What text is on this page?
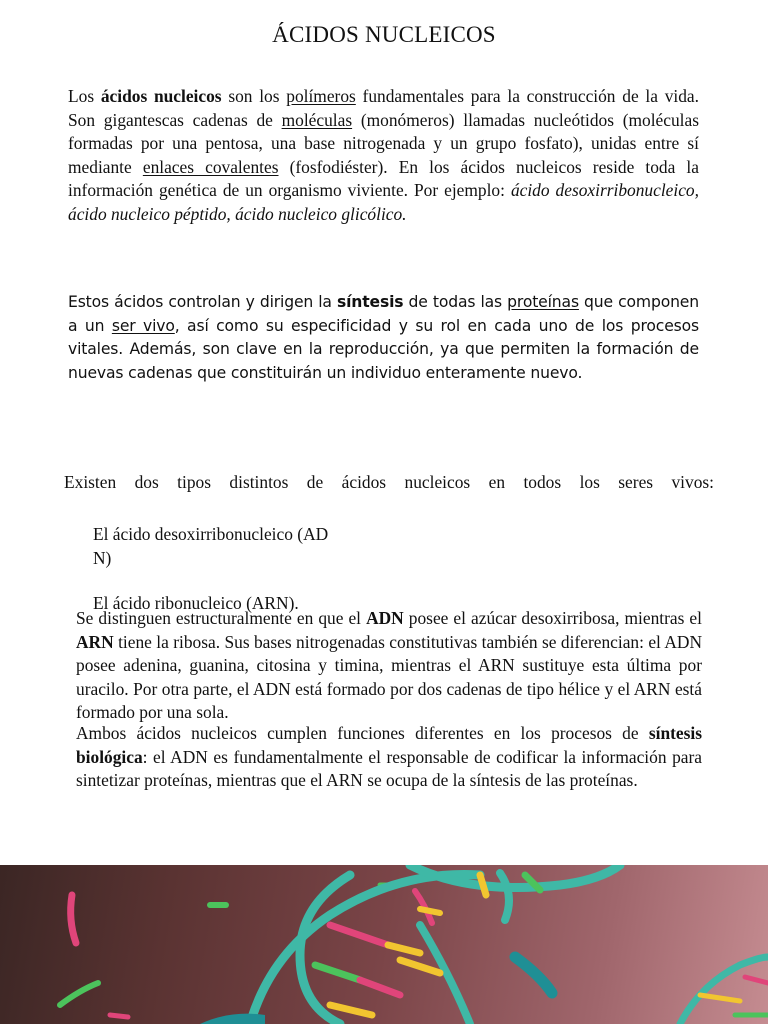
ÁCIDOS NUCLEICOS
Los ácidos nucleicos son los polímeros fundamentales para la construcción de la vida. Son gigantescas cadenas de moléculas (monómeros) llamadas nucleótidos (moléculas formadas por una pentosa, una base nitrogenada y un grupo fosfato), unidas entre sí mediante enlaces covalentes (fosfodiéster). En los ácidos nucleicos reside toda la información genética de un organismo viviente. Por ejemplo: ácido desoxirribonucleico, ácido nucleico péptido, ácido nucleico glicólico.
Estos ácidos controlan y dirigen la síntesis de todas las proteínas que componen a un ser vivo, así como su especificidad y su rol en cada uno de los procesos vitales. Además, son clave en la reproducción, ya que permiten la formación de nuevas cadenas que constituirán un individuo enteramente nuevo.
Existen dos tipos distintos de ácidos nucleicos en todos los seres vivos:
El ácido desoxirribonucleico (AD
N)
El ácido ribonucleico (ARN).
Se distinguen estructuralmente en que el ADN posee el azúcar desoxirribosa, mientras el ARN tiene la ribosa. Sus bases nitrogenadas constitutivas también se diferencian: el ADN posee adenina, guanina, citosina y timina, mientras el ARN sustituye esta última por uracilo. Por otra parte, el ADN está formado por dos cadenas de tipo hélice y el ARN está formado por una sola.
Ambos ácidos nucleicos cumplen funciones diferentes en los procesos de síntesis biológica: el ADN es fundamentalmente el responsable de codificar la información para sintetizar proteínas, mientras que el ARN se ocupa de la síntesis de las proteínas.
